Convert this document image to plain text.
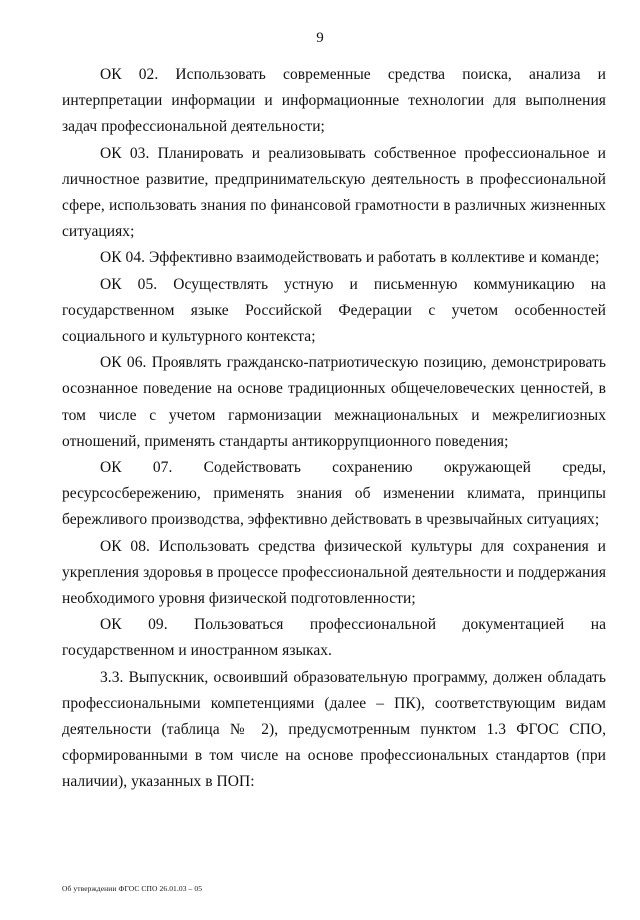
9

ОК 02. Использовать современные средства поиска, анализа и интерпретации информации и информационные технологии для выполнения задач профессиональной деятельности;

ОК 03. Планировать и реализовывать собственное профессиональное и личностное развитие, предпринимательскую деятельность в профессиональной сфере, использовать знания по финансовой грамотности в различных жизненных ситуациях;

ОК 04. Эффективно взаимодействовать и работать в коллективе и команде;

ОК 05. Осуществлять устную и письменную коммуникацию на государственном языке Российской Федерации с учетом особенностей социального и культурного контекста;

ОК 06. Проявлять гражданско-патриотическую позицию, демонстрировать осознанное поведение на основе традиционных общечеловеческих ценностей, в том числе с учетом гармонизации межнациональных и межрелигиозных отношений, применять стандарты антикоррупционного поведения;

ОК 07. Содействовать сохранению окружающей среды, ресурсосбережению, применять знания об изменении климата, принципы бережливого производства, эффективно действовать в чрезвычайных ситуациях;

ОК 08. Использовать средства физической культуры для сохранения и укрепления здоровья в процессе профессиональной деятельности и поддержания необходимого уровня физической подготовленности;

ОК 09. Пользоваться профессиональной документацией на государственном и иностранном языках.

3.3. Выпускник, освоивший образовательную программу, должен обладать профессиональными компетенциями (далее – ПК), соответствующим видам деятельности (таблица № 2), предусмотренным пунктом 1.3 ФГОС СПО, сформированными в том числе на основе профессиональных стандартов (при наличии), указанных в ПОП:

Об утверждении ФГОС СПО 26.01.03 – 05
